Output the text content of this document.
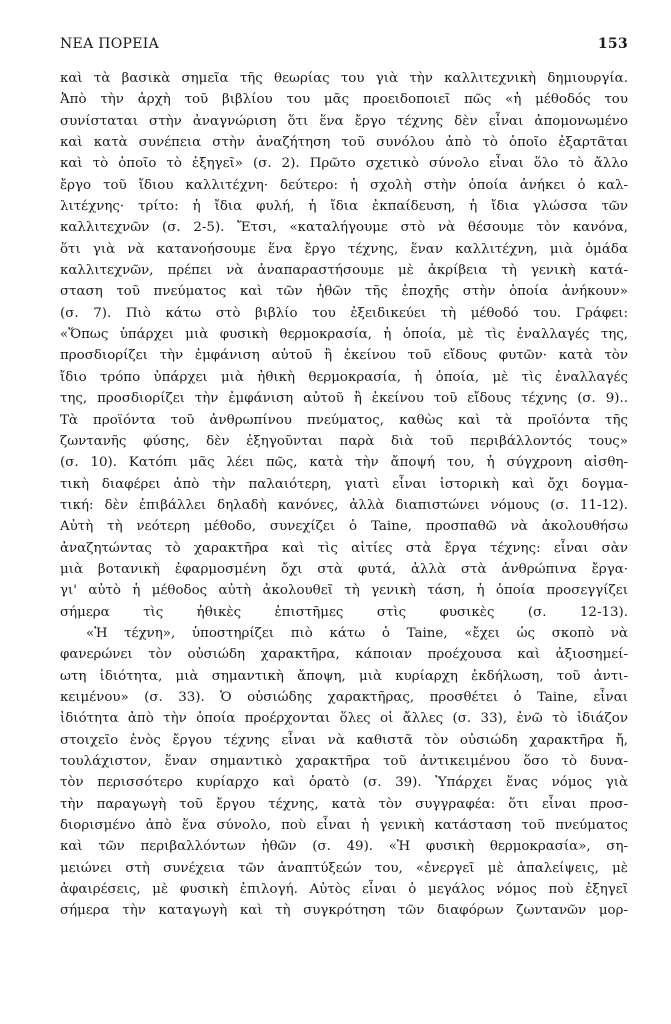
ΝΕΑ ΠΟΡΕΙΑ	153
καὶ τὰ βασικὰ σημεῖα τῆς θεωρίας του γιὰ τὴν καλλιτεχνικὴ δημιουργία.
Ἀπὸ τὴν ἀρχὴ τοῦ βιβλίου του μᾶς προειδοποιεῖ πῶς «ἡ μέθοδός του
συνίσταται στὴν ἀναγνώριση ὅτι ἕνα ἔργο τέχνης δὲν εἶναι ἀπομονωμένο
καὶ κατὰ συνέπεια στὴν ἀναζήτηση τοῦ συνόλου ἀπὸ τὸ ὁποῖο ἐξαρτᾶται
καὶ τὸ ὁποῖο τὸ ἐξηγεῖ» (σ. 2). Πρῶτο σχετικὸ σύνολο εἶναι ὅλο τὸ ἄλλο
ἔργο τοῦ ἴδιου καλλιτέχνη· δεύτερο: ἡ σχολὴ στὴν ὁποία ἀνήκει ὁ καλ-
λιτέχνης· τρίτο: ἡ ἴδια φυλή, ἡ ἴδια ἐκπαίδευση, ἡ ἴδια γλώσσα τῶν
καλλιτεχνῶν (σ. 2-5). Ἔτσι, «καταλήγουμε στὸ νὰ θέσουμε τὸν κανόνα,
ὅτι γιὰ νὰ κατανοήσουμε ἕνα ἔργο τέχνης, ἕναν καλλιτέχνη, μιὰ ὁμάδα
καλλιτεχνῶν, πρέπει νὰ ἀναπαραστήσουμε μὲ ἀκρίβεια τὴ γενικὴ κατά-
σταση τοῦ πνεύματος καὶ τῶν ἠθῶν τῆς ἐποχῆς στὴν ὁποία ἀνήκουν»
(σ. 7). Πιὸ κάτω στὸ βιβλίο του ἐξειδικεύει τὴ μέθοδό του. Γράφει:
«Ὅπως ὑπάρχει μιὰ φυσικὴ θερμοκρασία, ἡ ὁποία, μὲ τὶς ἐναλλαγές της,
προσδιορίζει τὴν ἐμφάνιση αὐτοῦ ἢ ἐκείνου τοῦ εἴδους φυτῶν· κατὰ τὸν
ἴδιο τρόπο ὑπάρχει μιὰ ἠθικὴ θερμοκρασία, ἡ ὁποία, μὲ τὶς ἐναλλαγές
της, προσδιορίζει τὴν ἐμφάνιση αὐτοῦ ἢ ἐκείνου τοῦ εἴδους τέχνης (σ. 9)..
Τὰ προϊόντα τοῦ ἀνθρωπίνου πνεύματος, καθὼς καὶ τὰ προϊόντα τῆς
ζωντανῆς φύσης, δὲν ἐξηγοῦνται παρὰ διὰ τοῦ περιβάλλοντός τους»
(σ. 10). Κατόπι μᾶς λέει πῶς, κατὰ τὴν ἄποψή του, ἡ σύγχρονη αἰσθη-
τικὴ διαφέρει ἀπὸ τὴν παλαιότερη, γιατὶ εἶναι ἱστορικὴ καὶ ὄχι δογμα-
τική: δὲν ἐπιβάλλει δηλαδὴ κανόνες, ἀλλὰ διαπιστώνει νόμους (σ. 11-12).
Αὐτὴ τὴ νεότερη μέθοδο, συνεχίζει ὁ Taine, προσπαθῶ νὰ ἀκολουθήσω
ἀναζητώντας τὸ χαρακτῆρα καὶ τὶς αἰτίες στὰ ἔργα τέχνης: εἶναι σὰν
μιὰ βοτανικὴ ἐφαρμοσμένη ὄχι στὰ φυτά, ἀλλὰ στὰ ἀνθρώπινα ἔργα·
γι' αὐτὸ ἡ μέθοδος αὐτὴ ἀκολουθεῖ τὴ γενικὴ τάση, ἡ ὁποία προσεγγίζει
σήμερα τὶς ἠθικὲς ἐπιστῆμες στὶς φυσικὲς (σ. 12-13).
«Ἡ τέχνη», ὑποστηρίζει πιὸ κάτω ὁ Taine, «ἔχει ὡς σκοπὸ νὰ
φανερώνει τὸν οὐσιώδη χαρακτῆρα, κάποιαν προέχουσα καὶ ἀξιοσημεί-
ωτη ἰδιότητα, μιὰ σημαντικὴ ἄποψη, μιὰ κυρίαρχη ἐκδήλωση, τοῦ ἀντι-
κειμένου» (σ. 33). Ὁ οὐσιώδης χαρακτῆρας, προσθέτει ὁ Taine, εἶναι
ἰδιότητα ἀπὸ τὴν ὁποία προέρχονται ὅλες οἱ ἄλλες (σ. 33), ἐνῶ τὸ ἰδιάζον
στοιχεῖο ἑνὸς ἔργου τέχνης εἶναι νὰ καθιστᾶ τὸν οὐσιώδη χαρακτῆρα ἤ,
τουλάχιστον, ἕναν σημαντικὸ χαρακτῆρα τοῦ ἀντικειμένου ὅσο τὸ δυνα-
τὸν περισσότερο κυρίαρχο καὶ ὁρατὸ (σ. 39). Ὑπάρχει ἕνας νόμος γιὰ
τὴν παραγωγὴ τοῦ ἔργου τέχνης, κατὰ τὸν συγγραφέα: ὅτι εἶναι προσ-
διορισμένο ἀπὸ ἕνα σύνολο, ποὺ εἶναι ἡ γενικὴ κατάσταση τοῦ πνεύματος
καὶ τῶν περιβαλλόντων ἠθῶν (σ. 49). «Ἡ φυσικὴ θερμοκρασία», ση-
μειώνει στὴ συνέχεια τῶν ἀναπτύξεών του, «ἐνεργεῖ μὲ ἀπαλείψεις, μὲ
ἀφαιρέσεις, μὲ φυσικὴ ἐπιλογή. Αὐτὸς εἶναι ὁ μεγάλος νόμος ποὺ ἐξηγεῖ
σήμερα τὴν καταγωγὴ καὶ τὴ συγκρότηση τῶν διαφόρων ζωντανῶν μορ-
